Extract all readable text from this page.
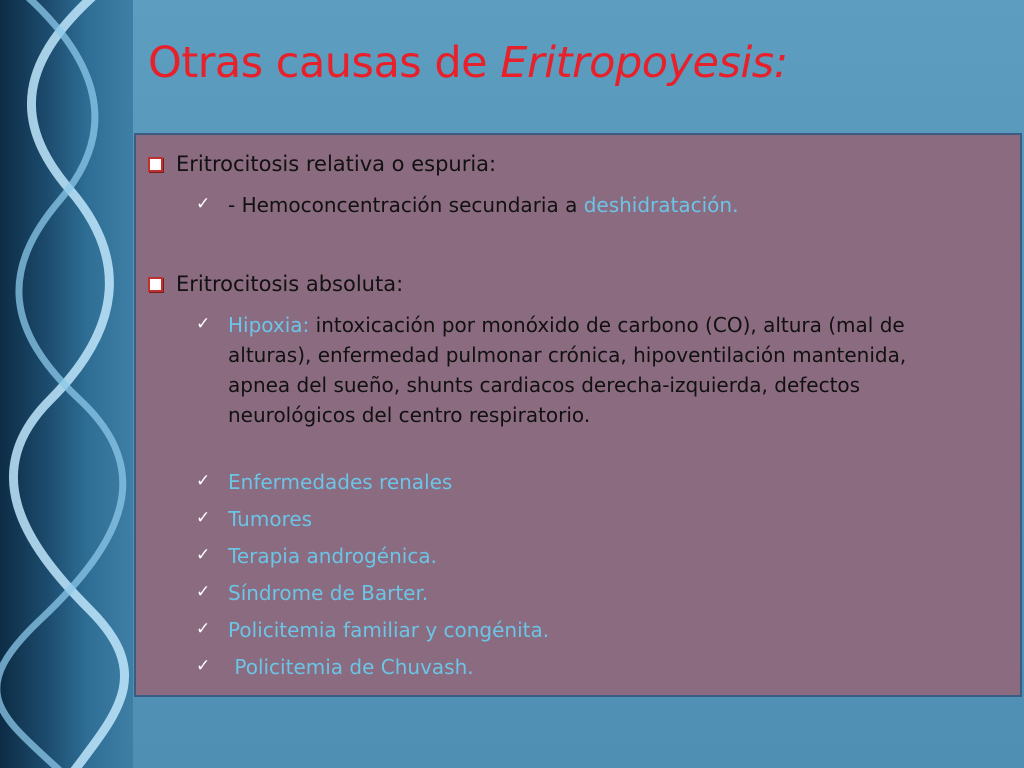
Otras causas de Eritropoyesis:
Eritrocitosis relativa o espuria:
✓ - Hemoconcentración secundaria a deshidratación.
Eritrocitosis absoluta:
✓ Hipoxia: intoxicación por monóxido de carbono (CO), altura (mal de alturas), enfermedad pulmonar crónica, hipoventilación mantenida, apnea del sueño, shunts cardiacos derecha-izquierda, defectos neurológicos del centro respiratorio.
✓ Enfermedades renales
✓ Tumores
✓ Terapia androgénica.
✓ Síndrome de Barter.
✓ Policitemia familiar y congénita.
✓ Policitemia de Chuvash.
